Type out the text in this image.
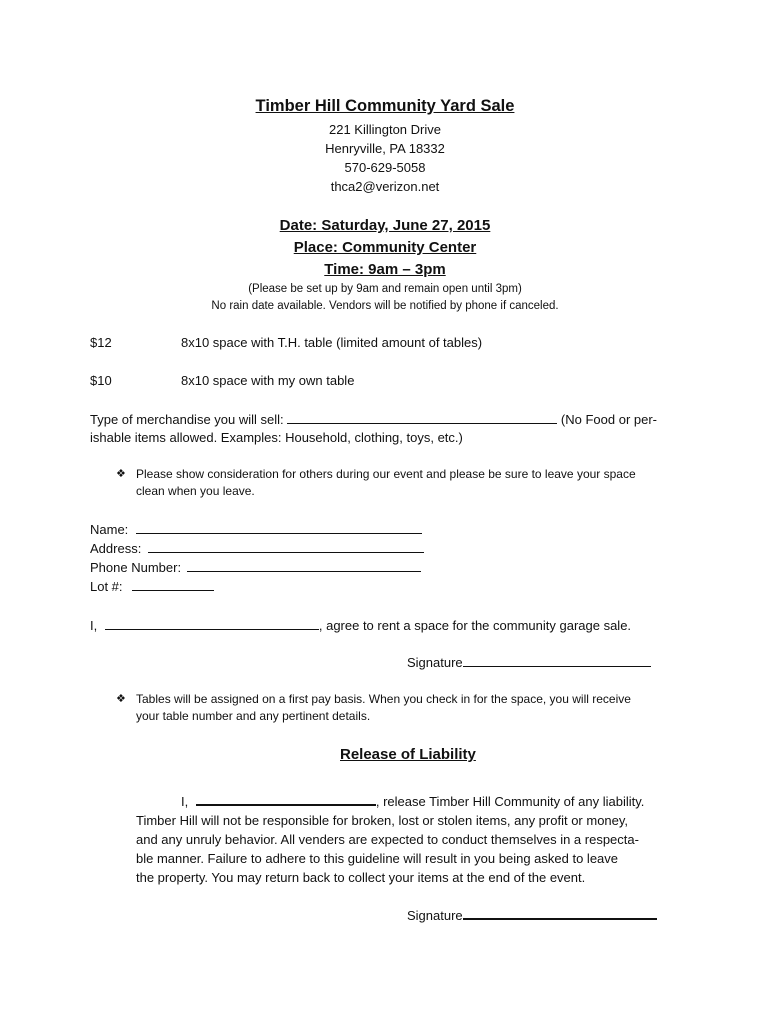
Timber Hill Community Yard Sale
221 Killington Drive
Henryville, PA 18332
570-629-5058
thca2@verizon.net
Date: Saturday, June 27, 2015
Place: Community Center
Time: 9am – 3pm
(Please be set up by 9am and remain open until 3pm)
No rain date available. Vendors will be notified by phone if canceled.
$12	8x10 space with T.H. table (limited amount of tables)
$10	8x10 space with my own table
Type of merchandise you will sell:	(No Food or per-
ishable items allowed. Examples: Household, clothing, toys, etc.)
❖ Please show consideration for others during our event and please be sure to leave your space
clean when you leave.
Name:
Address:
Phone Number:
Lot #:
I,	, agree to rent a space for the community garage sale.
Signature
❖ Tables will be assigned on a first pay basis. When you check in for the space, you will receive
your table number and any pertinent details.
Release of Liability
I,	, release Timber Hill Community of any liability.
Timber Hill will not be responsible for broken, lost or stolen items, any profit or money,
and any unruly behavior. All venders are expected to conduct themselves in a respecta-
ble manner. Failure to adhere to this guideline will result in you being asked to leave
the property. You may return back to collect your items at the end of the event.
Signature
